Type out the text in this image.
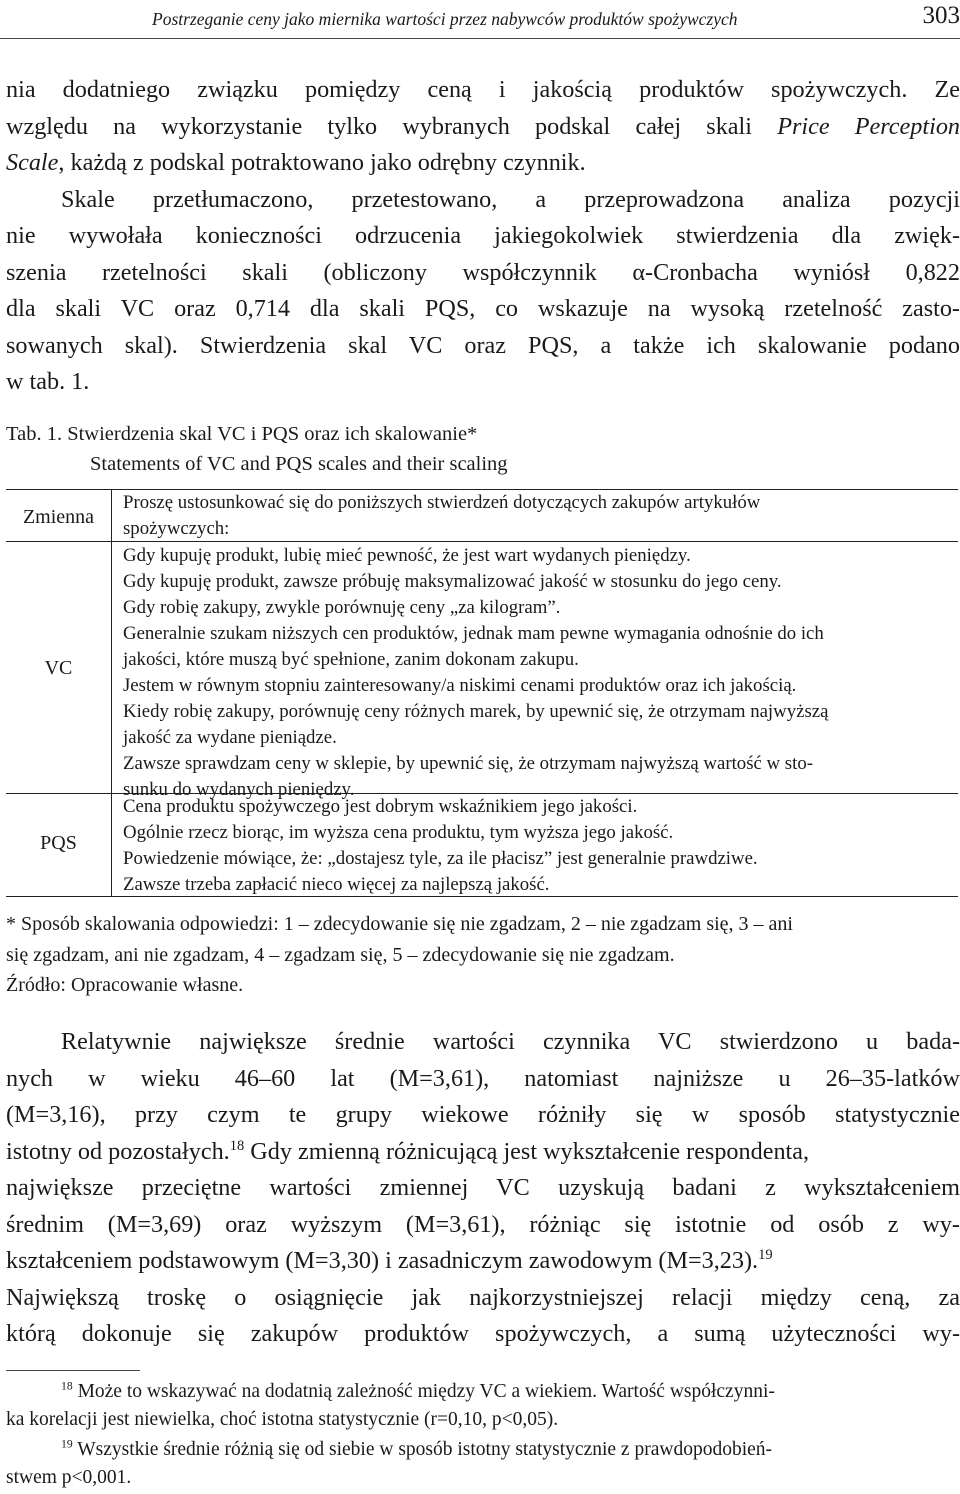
Postrzeganie ceny jako miernika wartości przez nabywców produktów spożywczych	303
nia dodatniego związku pomiędzy ceną i jakością produktów spożywczych. Ze
względu na wykorzystanie tylko wybranych podskal całej skali Price Perception
Scale, każdą z podskal potraktowano jako odrębny czynnik.
Skale przetłumaczono, przetestowano, a przeprowadzona analiza pozycji
nie wywołała konieczności odrzucenia jakiegokolwiek stwierdzenia dla zwięk-
szenia rzetelności skali (obliczony współczynnik α-Cronbacha wyniósł 0,822
dla skali VC oraz 0,714 dla skali PQS, co wskazuje na wysoką rzetelność zasto-
sowanych skal). Stwierdzenia skal VC oraz PQS, a także ich skalowanie podano
w tab. 1.
Tab. 1. Stwierdzenia skal VC i PQS oraz ich skalowanie*
Statements of VC and PQS scales and their scaling
Zmienna
Proszę ustosunkować się do poniższych stwierdzeń dotyczących zakupów artykułów
spożywczych:
VC
Gdy kupuję produkt, lubię mieć pewność, że jest wart wydanych pieniędzy.
Gdy kupuję produkt, zawsze próbuję maksymalizować jakość w stosunku do jego ceny.
Gdy robię zakupy, zwykle porównuję ceny „za kilogram”.
Generalnie szukam niższych cen produktów, jednak mam pewne wymagania odnośnie do ich
jakości, które muszą być spełnione, zanim dokonam zakupu.
Jestem w równym stopniu zainteresowany/a niskimi cenami produktów oraz ich jakością.
Kiedy robię zakupy, porównuję ceny różnych marek, by upewnić się, że otrzymam najwyższą
jakość za wydane pieniądze.
Zawsze sprawdzam ceny w sklepie, by upewnić się, że otrzymam najwyższą wartość w sto-
sunku do wydanych pieniędzy.
PQS
Cena produktu spożywczego jest dobrym wskaźnikiem jego jakości.
Ogólnie rzecz biorąc, im wyższa cena produktu, tym wyższa jego jakość.
Powiedzenie mówiące, że: „dostajesz tyle, za ile płacisz” jest generalnie prawdziwe.
Zawsze trzeba zapłacić nieco więcej za najlepszą jakość.
* Sposób skalowania odpowiedzi: 1 – zdecydowanie się nie zgadzam, 2 – nie zgadzam się, 3 – ani
się zgadzam, ani nie zgadzam, 4 – zgadzam się, 5 – zdecydowanie się nie zgadzam.
Źródło: Opracowanie własne.
Relatywnie największe średnie wartości czynnika VC stwierdzono u bada-
nych w wieku 46–60 lat (M=3,61), natomiast najniższe u 26–35-latków
(M=3,16), przy czym te grupy wiekowe różniły się w sposób statystycznie
istotny od pozostałych.$^{18}$ Gdy zmienną różnicującą jest wykształcenie respondenta,
największe przeciętne wartości zmiennej VC uzyskują badani z wykształceniem
średnim (M=3,69) oraz wyższym (M=3,61), różniąc się istotnie od osób z wy-
kształceniem podstawowym (M=3,30) i zasadniczym zawodowym (M=3,23).$^{19}$
Największą troskę o osiągnięcie jak najkorzystniejszej relacji między ceną, za
którą dokonuje się zakupów produktów spożywczych, a sumą użyteczności wy-
$^{18}$ Może to wskazywać na dodatnią zależność między VC a wiekiem. Wartość współczynni-
ka korelacji jest niewielka, choć istotna statystycznie (r=0,10, p<0,05).
$^{19}$ Wszystkie średnie różnią się od siebie w sposób istotny statystycznie z prawdopodobień-
stwem p<0,001.
